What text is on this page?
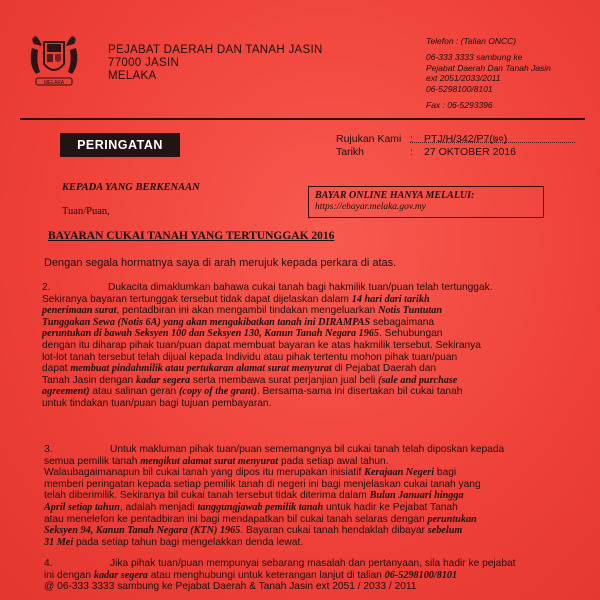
MELAKA
PEJABAT DAERAH DAN TANAH JASIN
77000 JASIN
MELAKA
Telefon : (Talian ONCC)
06-333 3333 sambung ke
Pejabat Daerah Dan Tanah Jasin
ext 2051/2033/2011
06-5298100/8101
Fax : 06-5293396
PERINGATAN	Rujukan Kami : PTJ/H/342/P7(७०)
Tarikh	: 27 OKTOBER 2016
KEPADA YANG BERKENAAN
Tuan/Puan,
BAYAR ONLINE HANYA MELALUI:
https://ebayar.melaka.gov.my
BAYARAN CUKAI TANAH YANG TERTUNGGAK 2016
Dengan segala hormatnya saya di arah merujuk kepada perkara di atas.
2.	Dukacita dimaklumkan bahawa cukai tanah bagi hakmilik tuan/puan telah tertunggak.
Sekiranya bayaran tertunggak tersebut tidak dapat dijelaskan dalam 14 hari dari tarikh
penerimaan surat, pentadbiran ini akan mengambil tindakan mengeluarkan Notis Tuntutan
Tunggakan Sewa (Notis 6A) yang akan mengakibatkan tanah ini DIRAMPAS sebagaimana
peruntukan di bawah Seksyen 100 dan Seksyen 130, Kanun Tanah Negara 1965. Sehubungan
dengan itu diharap pihak tuan/puan dapat membuat bayaran ke atas hakmilik tersebut. Sekiranya
lot-lot tanah tersebut telah dijual kepada Individu atau pihak tertentu mohon pihak tuan/puan
dapat membuat pindahmilik atau pertukaran alamat surat menyurat di Pejabat Daerah dan
Tanah Jasin dengan kadar segera serta membawa surat perjanjian jual beli (sale and purchase
agreement) atau salinan geran (copy of the grant). Bersama-sama ini disertakan bil cukai tanah
untuk tindakan tuan/puan bagi tujuan pembayaran.
3.	Untuk makluman pihak tuan/puan sememangnya bil cukai tanah telah diposkan kepada
semua pemilik tanah mengikut alamat surat menyurat pada setiap awal tahun.
Walaubagaimanapun bil cukai tanah yang dipos itu merupakan inisiatif Kerajaan Negeri bagi
memberi peringatan kepada setiap pemilik tanah di negeri ini bagi menjelaskan cukai tanah yang
telah diberimilik. Sekiranya bil cukai tanah tersebut tidak diterima dalam Bulan Januari hingga
April setiap tahun, adalah menjadi tanggungjawab pemilik tanah untuk hadir ke Pejabat Tanah
atau menelefon ke pentadbiran ini bagi mendapatkan bil cukai tanah selaras dengan peruntukan
Seksyen 94, Kanun Tanah Negara (KTN) 1965. Bayaran cukai tanah hendaklah dibayar sebelum
31 Mei pada setiap tahun bagi mengelakkan denda lewat.
4.	Jika pihak tuan/puan mempunyai sebarang masalah dan pertanyaan, sila hadir ke pejabat
ini dengan kadar segera atau menghubungi untuk keterangan lanjut di talian 06-5298100/8101
@ 06-333 3333 sambung ke Pejabat Daerah & Tanah Jasin ext 2051 / 2033 / 2011
